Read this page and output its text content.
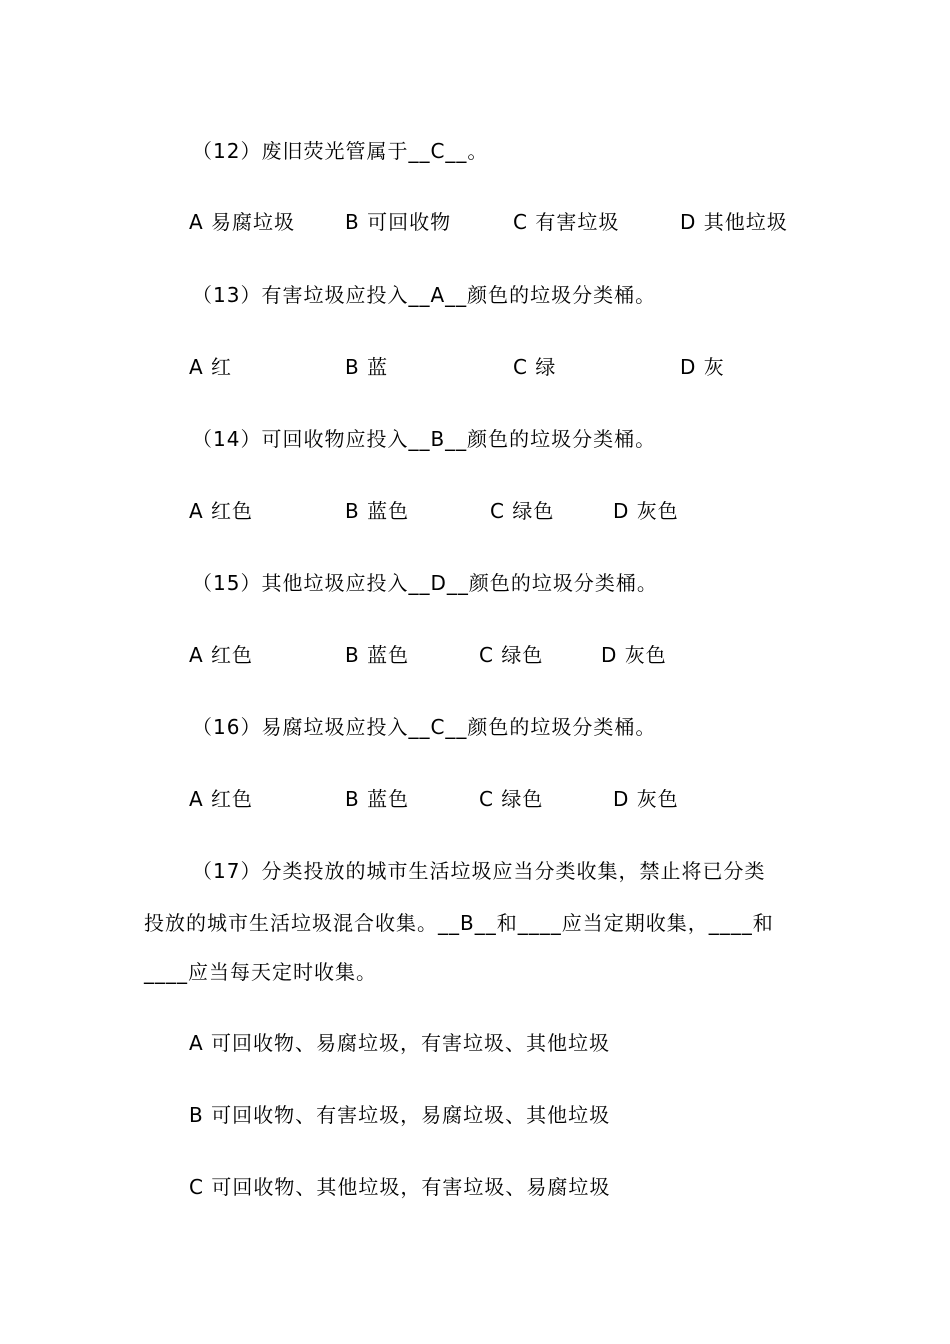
（12）废旧荧光管属于__C__。
A 易腐垃圾 B 可回收物	C 有害垃圾	D 其他垃圾
（13）有害垃圾应投入__A__颜色的垃圾分类桶。
A 红	B 蓝	C 绿	D 灰
（14）可回收物应投入__B__颜色的垃圾分类桶。
A 红色	B 蓝色	C 绿色	D 灰色
（15）其他垃圾应投入__D__颜色的垃圾分类桶。
A 红色	B 蓝色	C 绿色	D 灰色
（16）易腐垃圾应投入__C__颜色的垃圾分类桶。
A 红色	B 蓝色	C 绿色	D 灰色
（17）分类投放的城市生活垃圾应当分类收集，禁止将已分类
投放的城市生活垃圾混合收集。__B__和____应当定期收集，____和
____应当每天定时收集。
A 可回收物、易腐垃圾，有害垃圾、其他垃圾
B 可回收物、有害垃圾，易腐垃圾、其他垃圾
C 可回收物、其他垃圾，有害垃圾、易腐垃圾
